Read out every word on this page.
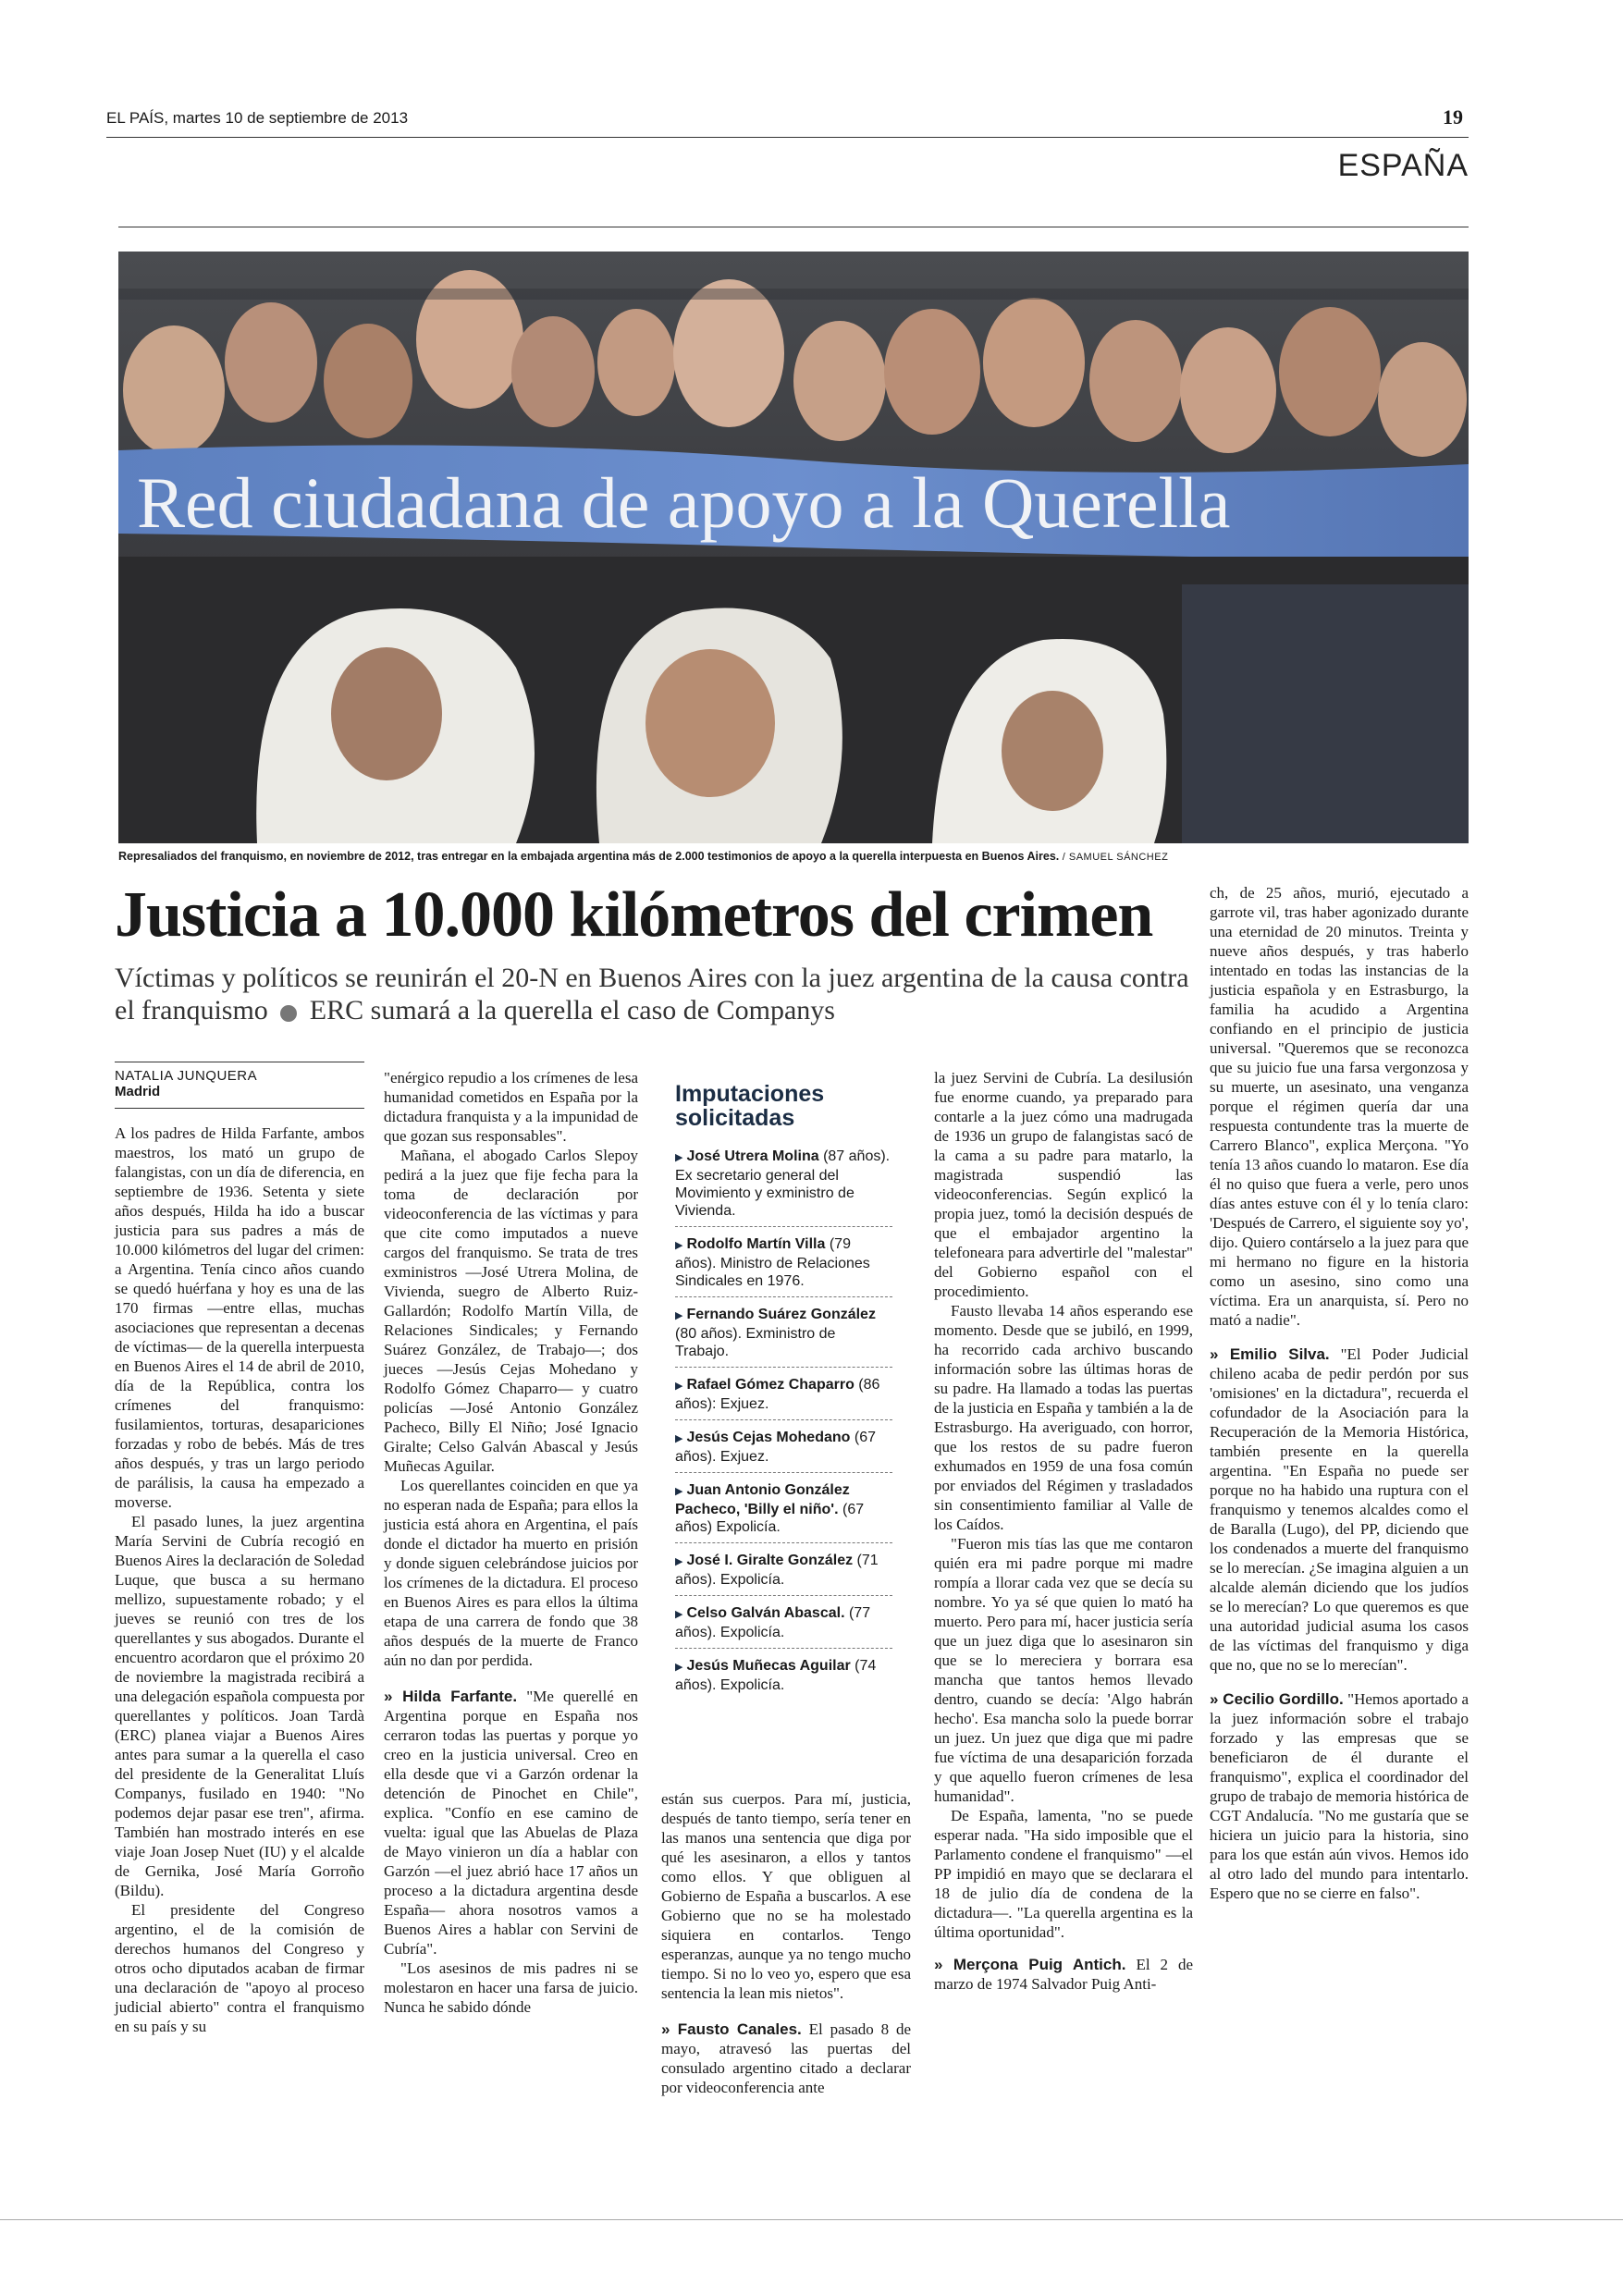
EL PAÍS, martes 10 de septiembre de 2013	19
ESPAÑA
Red ciudadana de apoyo a la Querella
Represaliados del franquismo, en noviembre de 2012, tras entregar en la embajada argentina más de 2.000 testimonios de apoyo a la querella interpuesta en Buenos Aires. / SAMUEL SÁNCHEZ
Justicia a 10.000 kilómetros del crimen
Víctimas y políticos se reunirán el 20-N en Buenos Aires con la juez argentina de la causa contra el franquismo ERC sumará a la querella el caso de Companys
NATALIA JUNQUERA
Madrid

A los padres de Hilda Farfante, ambos maestros, los mató un grupo de falangistas, con un día de diferencia, en septiembre de 1936. Setenta y siete años después, Hilda ha ido a buscar justicia para sus padres a más de 10.000 kilómetros del lugar del crimen: a Argentina. Tenía cinco años cuando se quedó huérfana y hoy es una de las 170 firmas —entre ellas, muchas asociaciones que representan a decenas de víctimas— de la querella interpuesta en Buenos Aires el 14 de abril de 2010, día de la República, contra los crímenes del franquismo: fusilamientos, torturas, desapariciones forzadas y robo de bebés. Más de tres años después, y tras un largo periodo de parálisis, la causa ha empezado a moverse.

El pasado lunes, la juez argentina María Servini de Cubría recogió en Buenos Aires la declaración de Soledad Luque, que busca a su hermano mellizo, supuestamente robado; y el jueves se reunió con tres de los querellantes y sus abogados. Durante el encuentro acordaron que el próximo 20 de noviembre la magistrada recibirá a una delegación española compuesta por querellantes y políticos. Joan Tardà (ERC) planea viajar a Buenos Aires antes para sumar a la querella el caso del presidente de la Generalitat Lluís Companys, fusilado en 1940: "No podemos dejar pasar ese tren", afirma. También han mostrado interés en ese viaje Joan Josep Nuet (IU) y el alcalde de Gernika, José María Gorroño (Bildu).

El presidente del Congreso argentino, el de la comisión de derechos humanos del Congreso y otros ocho diputados acaban de firmar una declaración de "apoyo al proceso judicial abierto" contra el franquismo en su país y su

"enérgico repudio a los crímenes de lesa humanidad cometidos en España por la dictadura franquista y a la impunidad de que gozan sus responsables".

Mañana, el abogado Carlos Slepoy pedirá a la juez que fije fecha para la toma de declaración por videoconferencia de las víctimas y para que cite como imputados a nueve cargos del franquismo. Se trata de tres exministros —José Utrera Molina, de Vivienda, suegro de Alberto Ruiz-Gallardón; Rodolfo Martín Villa, de Relaciones Sindicales; y Fernando Suárez González, de Trabajo—; dos jueces —Jesús Cejas Mohedano y Rodolfo Gómez Chaparro— y cuatro policías —José Antonio González Pacheco, Billy El Niño; José Ignacio Giralte; Celso Galván Abascal y Jesús Muñecas Aguilar.

Los querellantes coinciden en que ya no esperan nada de España; para ellos la justicia está ahora en Argentina, el país donde el dictador ha muerto en prisión y donde siguen celebrándose juicios por los crímenes de la dictadura. El proceso en Buenos Aires es para ellos la última etapa de una carrera de fondo que 38 años después de la muerte de Franco aún no dan por perdida.

» Hilda Farfante. "Me querellé en Argentina porque en España nos cerraron todas las puertas y porque yo creo en la justicia universal. Creo en ella desde que vi a Garzón ordenar la detención de Pinochet en Chile", explica. "Confío en ese camino de vuelta: igual que las Abuelas de Plaza de Mayo vinieron un día a hablar con Garzón —el juez abrió hace 17 años un proceso a la dictadura argentina desde España— ahora nosotros vamos a Buenos Aires a hablar con Servini de Cubría".

"Los asesinos de mis padres ni se molestaron en hacer una farsa de juicio. Nunca he sabido dónde

Imputaciones solicitadas
▶ José Utrera Molina (87 años). Ex secretario general del Movimiento y exministro de Vivienda.
▶ Rodolfo Martín Villa (79 años). Ministro de Relaciones Sindicales en 1976.
▶ Fernando Suárez González (80 años). Exministro de Trabajo.
▶ Rafael Gómez Chaparro (86 años): Exjuez.
▶ Jesús Cejas Mohedano (67 años). Exjuez.
▶ Juan Antonio González Pacheco, 'Billy el niño'. (67 años) Expolicía.
▶ José I. Giralte González (71 años). Expolicía.
▶ Celso Galván Abascal. (77 años). Expolicía.
▶ Jesús Muñecas Aguilar (74 años). Expolicía.

están sus cuerpos. Para mí, justicia, después de tanto tiempo, sería tener en las manos una sentencia que diga por qué les asesinaron, a ellos y tantos como ellos. Y que obliguen al Gobierno de España a buscarlos. A ese Gobierno que no se ha molestado siquiera en contarlos. Tengo esperanzas, aunque ya no tengo mucho tiempo. Si no lo veo yo, espero que esa sentencia la lean mis nietos".

» Fausto Canales. El pasado 8 de mayo, atravesó las puertas del consulado argentino citado a declarar por videoconferencia ante

la juez Servini de Cubría. La desilusión fue enorme cuando, ya preparado para contarle a la juez cómo una madrugada de 1936 un grupo de falangistas sacó de la cama a su padre para matarlo, la magistrada suspendió las videoconferencias. Según explicó la propia juez, tomó la decisión después de que el embajador argentino la telefoneara para advertirle del "malestar" del Gobierno español con el procedimiento.

Fausto llevaba 14 años esperando ese momento. Desde que se jubiló, en 1999, ha recorrido cada archivo buscando información sobre las últimas horas de su padre. Ha llamado a todas las puertas de la justicia en España y también a la de Estrasburgo. Ha averiguado, con horror, que los restos de su padre fueron exhumados en 1959 de una fosa común por enviados del Régimen y trasladados sin consentimiento familiar al Valle de los Caídos.

"Fueron mis tías las que me contaron quién era mi padre porque mi madre rompía a llorar cada vez que se decía su nombre. Yo ya sé que quien lo mató ha muerto. Pero para mí, hacer justicia sería que un juez diga que lo asesinaron sin que se lo mereciera y borrara esa mancha que tantos hemos llevado dentro, cuando se decía: 'Algo habrán hecho'. Esa mancha solo la puede borrar un juez. Un juez que diga que mi padre fue víctima de una desaparición forzada y que aquello fueron crímenes de lesa humanidad".

De España, lamenta, "no se puede esperar nada. "Ha sido imposible que el Parlamento condene el franquismo" —el PP impidió en mayo que se declarara el 18 de julio día de condena de la dictadura—. "La querella argentina es la última oportunidad".

» Merçona Puig Antich. El 2 de marzo de 1974 Salvador Puig Anti-

ch, de 25 años, murió, ejecutado a garrote vil, tras haber agonizado durante una eternidad de 20 minutos. Treinta y nueve años después, y tras haberlo intentado en todas las instancias de la justicia española y en Estrasburgo, la familia ha acudido a Argentina confiando en el principio de justicia universal. "Queremos que se reconozca que su juicio fue una farsa vergonzosa y su muerte, un asesinato, una venganza porque el régimen quería dar una respuesta contundente tras la muerte de Carrero Blanco", explica Merçona. "Yo tenía 13 años cuando lo mataron. Ese día él no quiso que fuera a verle, pero unos días antes estuve con él y lo tenía claro: 'Después de Carrero, el siguiente soy yo', dijo. Quiero contárselo a la juez para que mi hermano no figure en la historia como un asesino, sino como una víctima. Era un anarquista, sí. Pero no mató a nadie".

» Emilio Silva. "El Poder Judicial chileno acaba de pedir perdón por sus 'omisiones' en la dictadura", recuerda el cofundador de la Asociación para la Recuperación de la Memoria Histórica, también presente en la querella argentina. "En España no puede ser porque no ha habido una ruptura con el franquismo y tenemos alcaldes como el de Baralla (Lugo), del PP, diciendo que los condenados a muerte del franquismo se lo merecían. ¿Se imagina alguien a un alcalde alemán diciendo que los judíos se lo merecían? Lo que queremos es que una autoridad judicial asuma los casos de las víctimas del franquismo y diga que no, que no se lo merecían".

» Cecilio Gordillo. "Hemos aportado a la juez información sobre el trabajo forzado y las empresas que se beneficiaron de él durante el franquismo", explica el coordinador del grupo de trabajo de memoria histórica de CGT Andalucía. "No me gustaría que se hiciera un juicio para la historia, sino para los que están aún vivos. Hemos ido al otro lado del mundo para intentarlo. Espero que no se cierre en falso".
